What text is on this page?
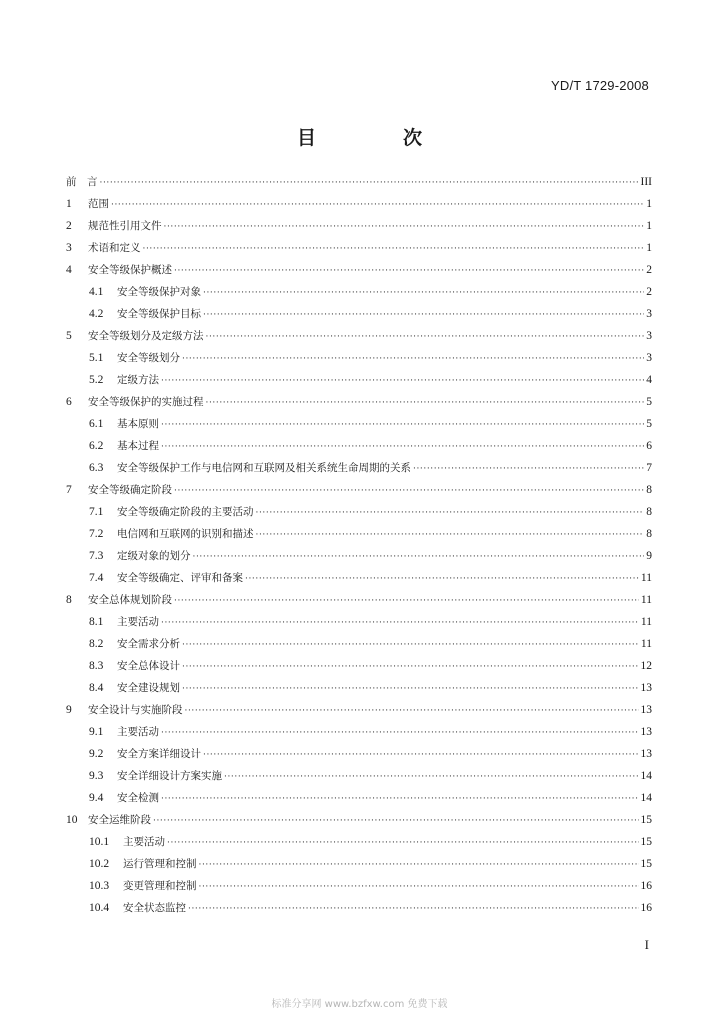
YD/T 1729-2008
目　次
前　言 ·····	III
1	范围 ·····	1
2	规范性引用文件 ·····	1
3	术语和定义 ·····	1
4	安全等级保护概述 ·····	2
4.1	安全等级保护对象 ·····	2
4.2	安全等级保护目标 ·····	3
5	安全等级划分及定级方法 ·····	3
5.1	安全等级划分 ·····	3
5.2	定级方法 ·····	4
6	安全等级保护的实施过程 ·····	5
6.1	基本原则 ·····	5
6.2	基本过程 ·····	6
6.3	安全等级保护工作与电信网和互联网及相关系统生命周期的关系 ·····	7
7	安全等级确定阶段 ·····	8
7.1	安全等级确定阶段的主要活动 ·····	8
7.2	电信网和互联网的识别和描述 ·····	8
7.3	定级对象的划分 ·····	9
7.4	安全等级确定、评审和备案 ·····	11
8	安全总体规划阶段 ·····	11
8.1	主要活动 ·····	11
8.2	安全需求分析 ·····	11
8.3	安全总体设计 ·····	12
8.4	安全建设规划 ·····	13
9	安全设计与实施阶段 ·····	13
9.1	主要活动 ·····	13
9.2	安全方案详细设计 ·····	13
9.3	安全详细设计方案实施 ·····	14
9.4	安全检测 ·····	14
10	安全运维阶段 ·····	15
10.1	主要活动 ·····	15
10.2	运行管理和控制 ·····	15
10.3	变更管理和控制 ·····	16
10.4	安全状态监控 ·····	16
I
标准分享网 www.bzfxw.com 免费下载
